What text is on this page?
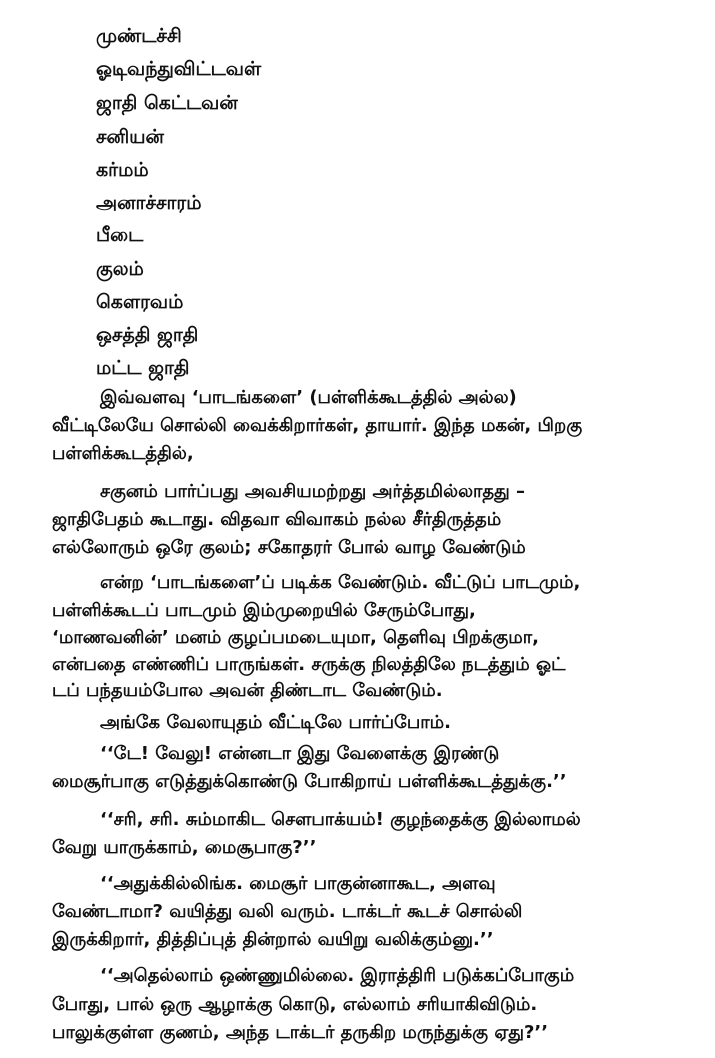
முண்டச்சி
ஓடிவந்துவிட்டவள்
ஜாதி கெட்டவன்
சனியன்
கர்மம்
அனாச்சாரம்
பீடை
குலம்
கௌரவம்
ஒசத்தி ஜாதி
மட்ட ஜாதி
இவ்வளவு ‘பாடங்களை’ (பள்ளிக்கூடத்தில் அல்ல)
வீட்டிலேயே சொல்லி வைக்கிறார்கள், தாயார். இந்த மகன், பிறகு
பள்ளிக்கூடத்தில்,
சகுனம் பார்ப்பது அவசியமற்றது அர்த்தமில்லாதது –
ஜாதிபேதம் கூடாது. விதவா விவாகம் நல்ல சீர்திருத்தம்
எல்லோரும் ஒரே குலம்; சகோதரர் போல் வாழ வேண்டும்
என்ற ‘பாடங்களை’ப் படிக்க வேண்டும். வீட்டுப் பாடமும்,
பள்ளிக்கூடப் பாடமும் இம்முறையில் சேரும்போது,
‘மாணவனின்’ மனம் குழப்பமடையுமா, தெளிவு பிறக்குமா,
என்பதை எண்ணிப் பாருங்கள். சருக்கு நிலத்திலே நடத்தும் ஓட்
டப் பந்தயம்போல அவன் திண்டாட வேண்டும்.
அங்கே வேலாயுதம் வீட்டிலே பார்ப்போம்.
‘‘டே! வேலு! என்னடா இது வேளைக்கு இரண்டு
மைசூர்பாகு எடுத்துக்கொண்டு போகிறாய் பள்ளிக்கூடத்துக்கு.’’
‘‘சரி, சரி. சும்மாகிட சௌபாக்யம்! குழந்தைக்கு இல்லாமல்
வேறு யாருக்காம், மைசூபாகு?’’
‘‘அதுக்கில்லிங்க. மைசூர் பாகுன்னாகூட, அளவு
வேண்டாமா? வயித்து வலி வரும். டாக்டர் கூடச் சொல்லி
இருக்கிறார், தித்திப்புத் தின்றால் வயிறு வலிக்கும்னு.’’
‘‘அதெல்லாம் ஒண்ணுமில்லை. இராத்திரி படுக்கப்போகும்
போது, பால் ஒரு ஆழாக்கு கொடு, எல்லாம் சரியாகிவிடும்.
பாலுக்குள்ள குணம், அந்த டாக்டர் தருகிற மருந்துக்கு ஏது?’’
